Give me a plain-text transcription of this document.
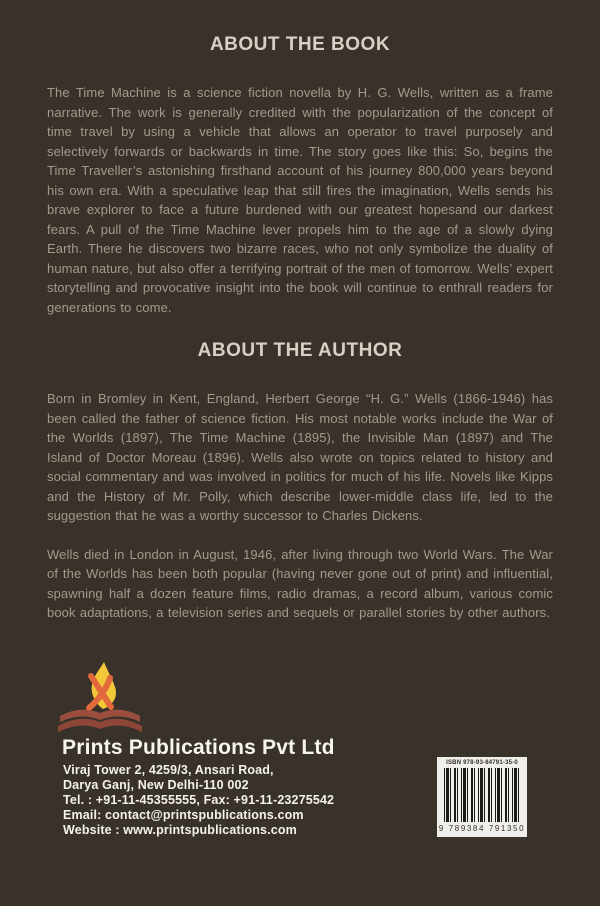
ABOUT THE BOOK

The Time Machine is a science fiction novella by H. G. Wells, written as a frame narrative. The work is generally credited with the popularization of the concept of time travel by using a vehicle that allows an operator to travel purposely and selectively forwards or backwards in time. The story goes like this: So, begins the Time Traveller’s astonishing firsthand account of his journey 800,000 years beyond his own era. With a speculative leap that still fires the imagination, Wells sends his brave explorer to face a future burdened with our greatest hopesand our darkest fears. A pull of the Time Machine lever propels him to the age of a slowly dying Earth. There he discovers two bizarre races, who not only symbolize the duality of human nature, but also offer a terrifying portrait of the men of tomorrow. Wells’ expert storytelling and provocative insight into the book will continue to enthrall readers for generations to come.

ABOUT THE AUTHOR

Born in Bromley in Kent, England, Herbert George “H. G.” Wells (1866-1946) has been called the father of science fiction. His most notable works include the War of the Worlds (1897), The Time Machine (1895), the Invisible Man (1897) and The Island of Doctor Moreau (1896). Wells also wrote on topics related to history and social commentary and was involved in politics for much of his life. Novels like Kipps and the History of Mr. Polly, which describe lower-middle class life, led to the suggestion that he was a worthy successor to Charles Dickens.

Wells died in London in August, 1946, after living through two World Wars. The War of the Worlds has been both popular (having never gone out of print) and influential, spawning half a dozen feature films, radio dramas, a record album, various comic book adaptations, a television series and sequels or parallel stories by other authors.

Prints Publications Pvt Ltd
Viraj Tower 2, 4259/3, Ansari Road,
Darya Ganj, New Delhi-110 002
Tel. : +91-11-45355555, Fax: +91-11-23275542
Email: contact@printspublications.com
Website : www.printspublications.com
ISBN 978-93-84791-35-0
9 789384 791350
